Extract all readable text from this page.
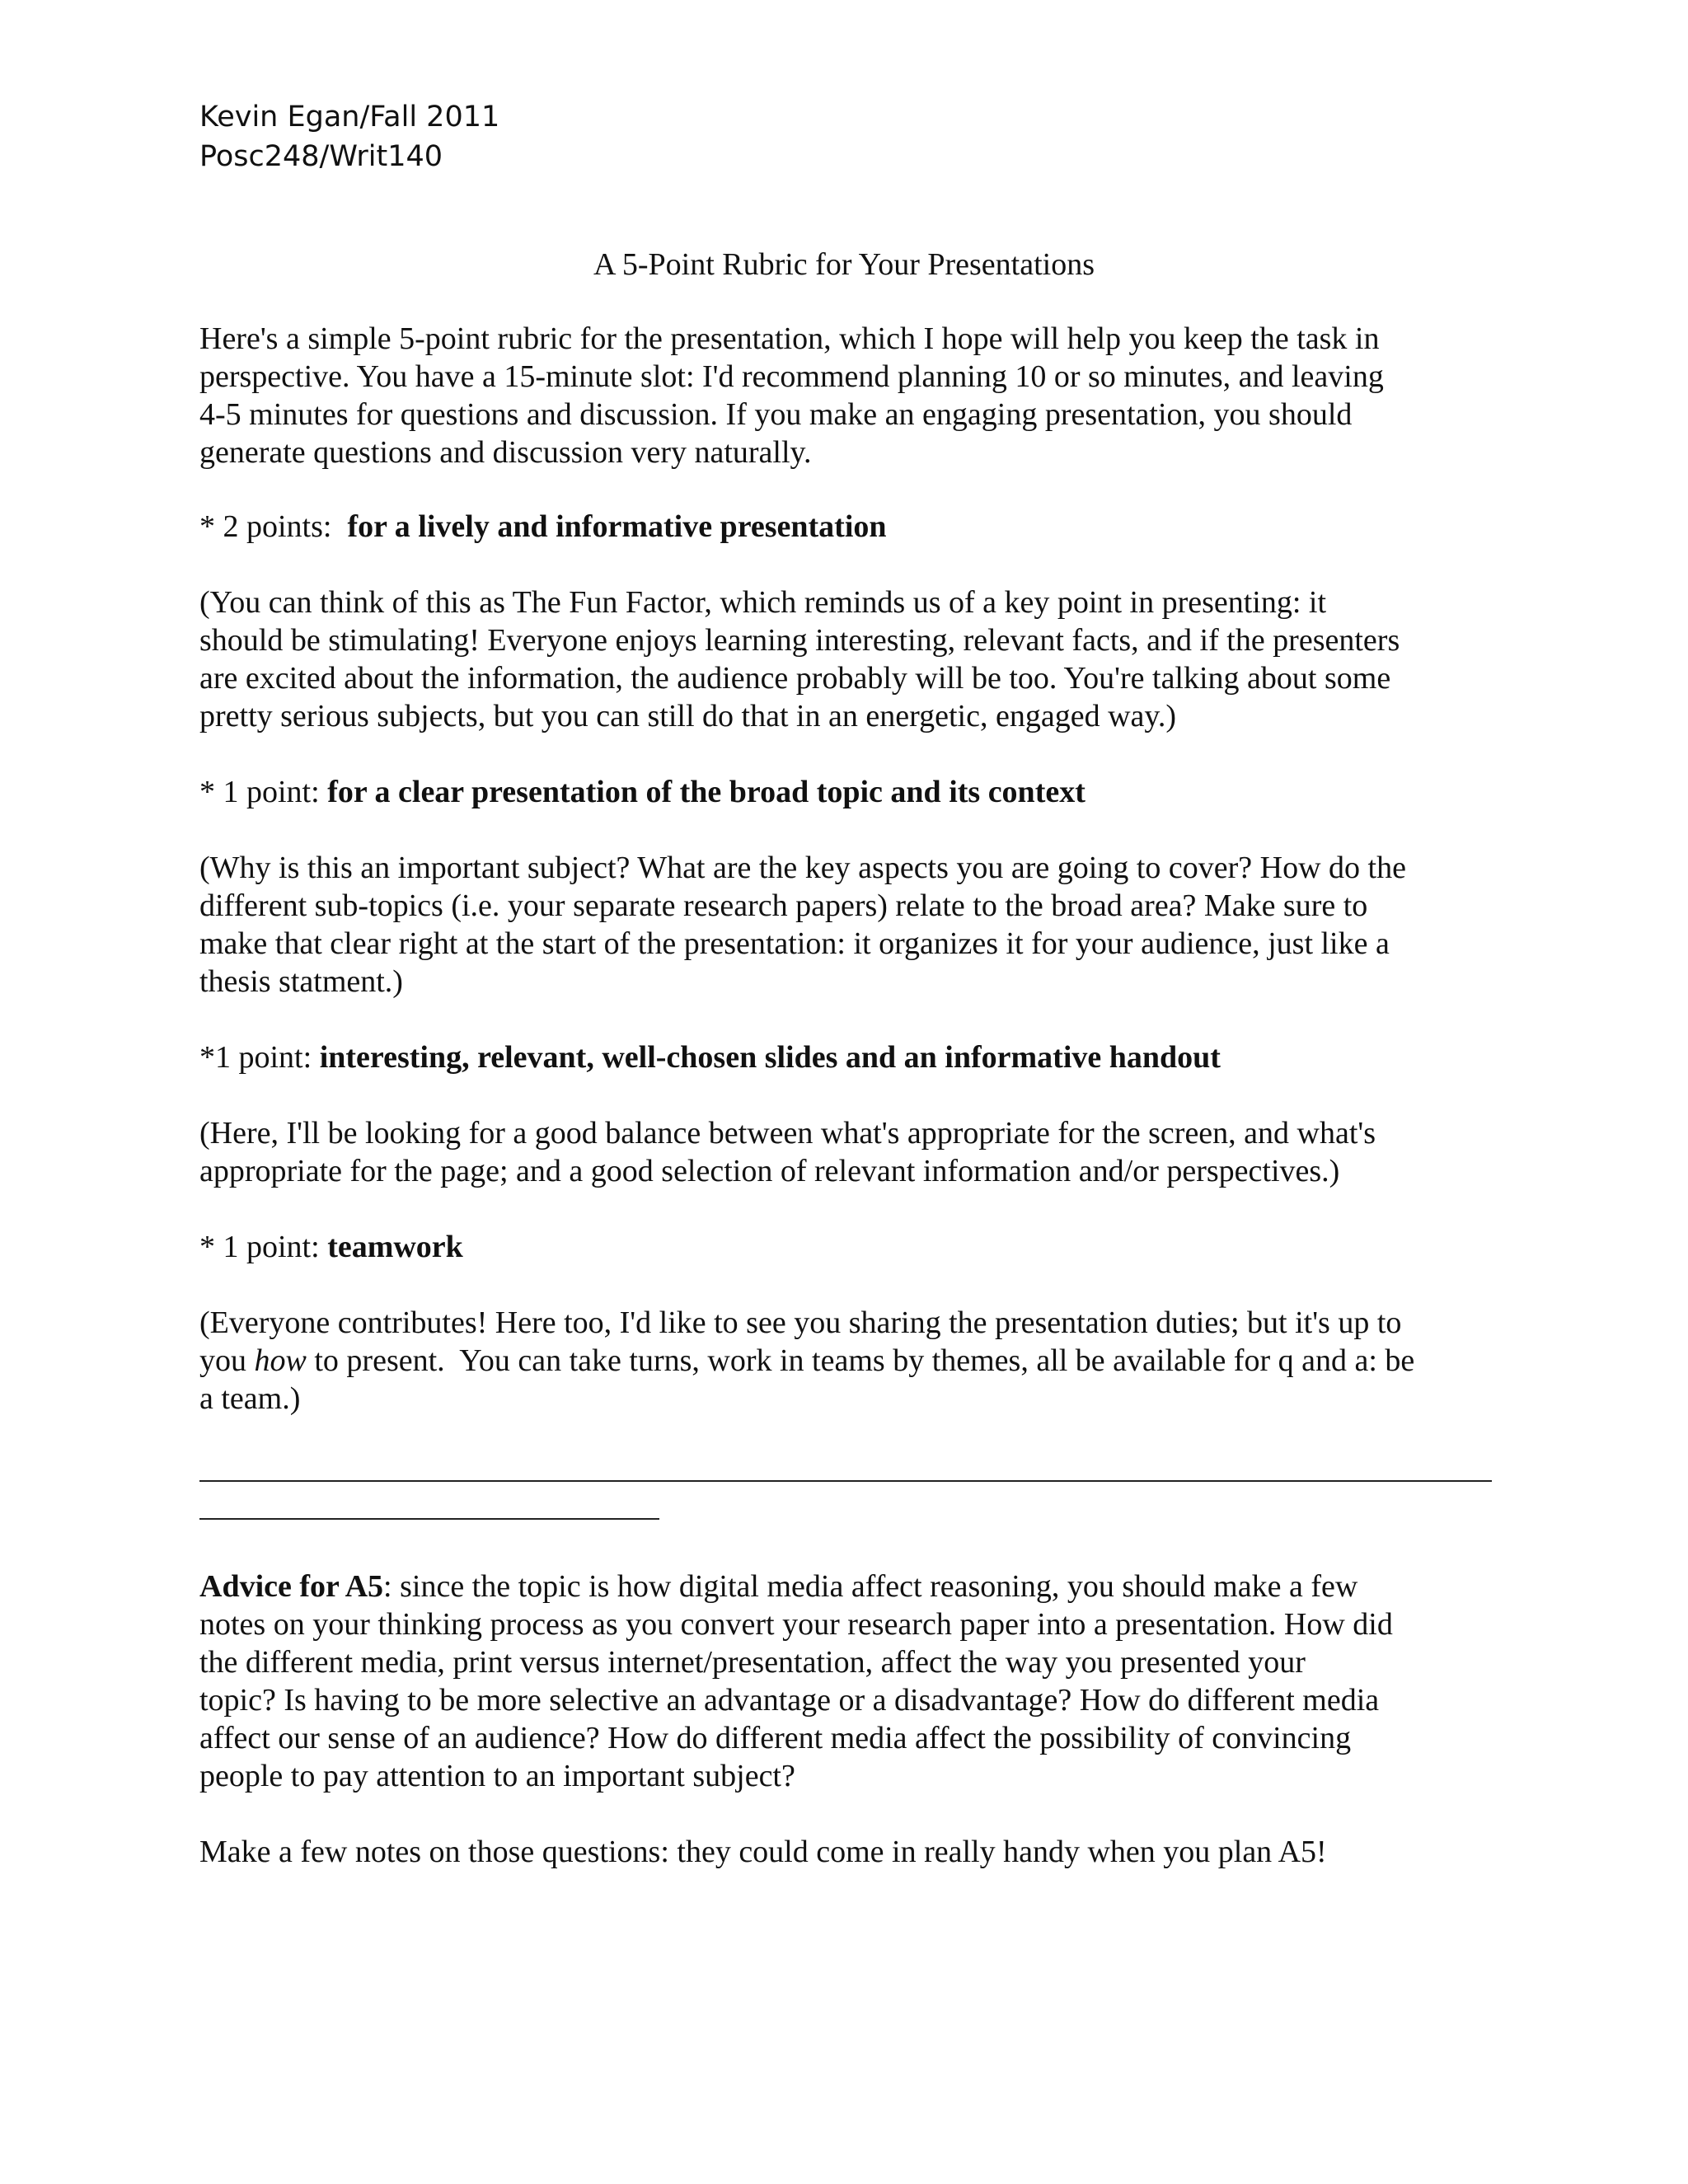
Kevin Egan/Fall 2011
Posc248/Writ140
A 5-Point Rubric for Your Presentations
Here's a simple 5-point rubric for the presentation, which I hope will help you keep the task in
perspective. You have a 15-minute slot: I'd recommend planning 10 or so minutes, and leaving
4-5 minutes for questions and discussion. If you make an engaging presentation, you should
generate questions and discussion very naturally.
* 2 points:  for a lively and informative presentation
(You can think of this as The Fun Factor, which reminds us of a key point in presenting: it
should be stimulating! Everyone enjoys learning interesting, relevant facts, and if the presenters
are excited about the information, the audience probably will be too. You're talking about some
pretty serious subjects, but you can still do that in an energetic, engaged way.)
* 1 point: for a clear presentation of the broad topic and its context
(Why is this an important subject? What are the key aspects you are going to cover? How do the
different sub-topics (i.e. your separate research papers) relate to the broad area? Make sure to
make that clear right at the start of the presentation: it organizes it for your audience, just like a
thesis statment.)
*1 point: interesting, relevant, well-chosen slides and an informative handout
(Here, I'll be looking for a good balance between what's appropriate for the screen, and what's
appropriate for the page; and a good selection of relevant information and/or perspectives.)
* 1 point: teamwork
(Everyone contributes! Here too, I'd like to see you sharing the presentation duties; but it's up to
you how to present.  You can take turns, work in teams by themes, all be available for q and a: be
a team.)
Advice for A5: since the topic is how digital media affect reasoning, you should make a few
notes on your thinking process as you convert your research paper into a presentation. How did
the different media, print versus internet/presentation, affect the way you presented your
topic? Is having to be more selective an advantage or a disadvantage? How do different media
affect our sense of an audience? How do different media affect the possibility of convincing
people to pay attention to an important subject?
Make a few notes on those questions: they could come in really handy when you plan A5!
